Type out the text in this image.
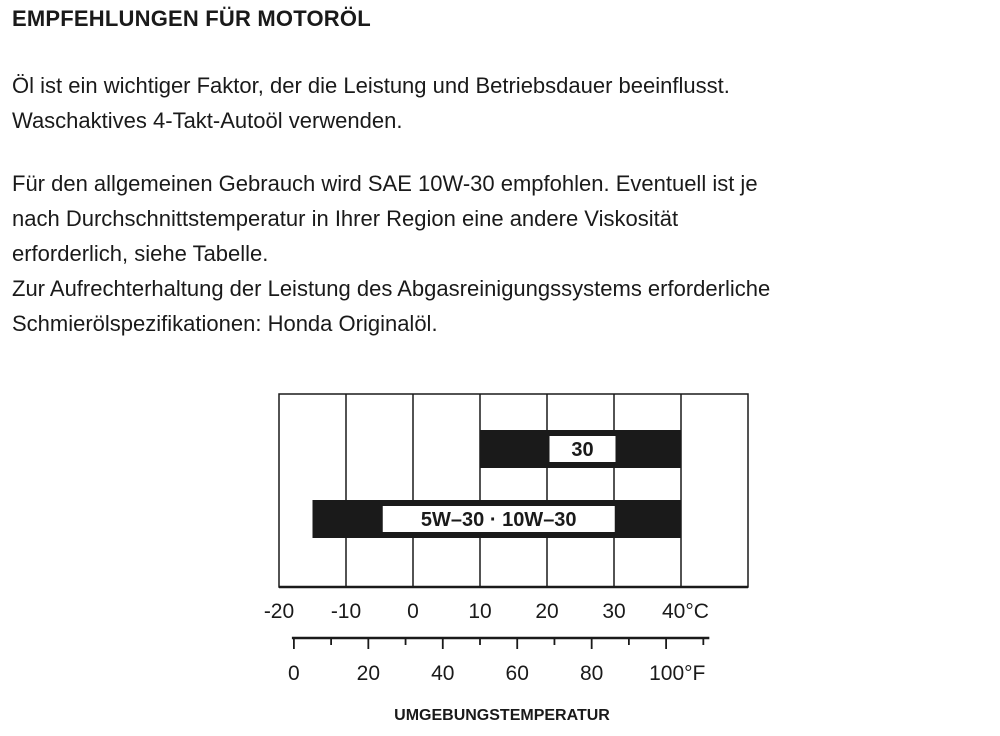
EMPFEHLUNGEN FÜR MOTORÖL
Öl ist ein wichtiger Faktor, der die Leistung und Betriebsdauer beeinflusst.
Waschaktives 4-Takt-Autoöl verwenden.
Für den allgemeinen Gebrauch wird SAE 10W-30 empfohlen. Eventuell ist je
nach Durchschnittstemperatur in Ihrer Region eine andere Viskosität
erforderlich, siehe Tabelle.
Zur Aufrechterhaltung der Leistung des Abgasreinigungssystems erforderliche
Schmierölspezifikationen: Honda Originalöl.
30
5W–30 · 10W–30
-20 -10 0 10 20 30 40°C
0	20 40 60 80 100°F
UMGEBUNGSTEMPERATUR
